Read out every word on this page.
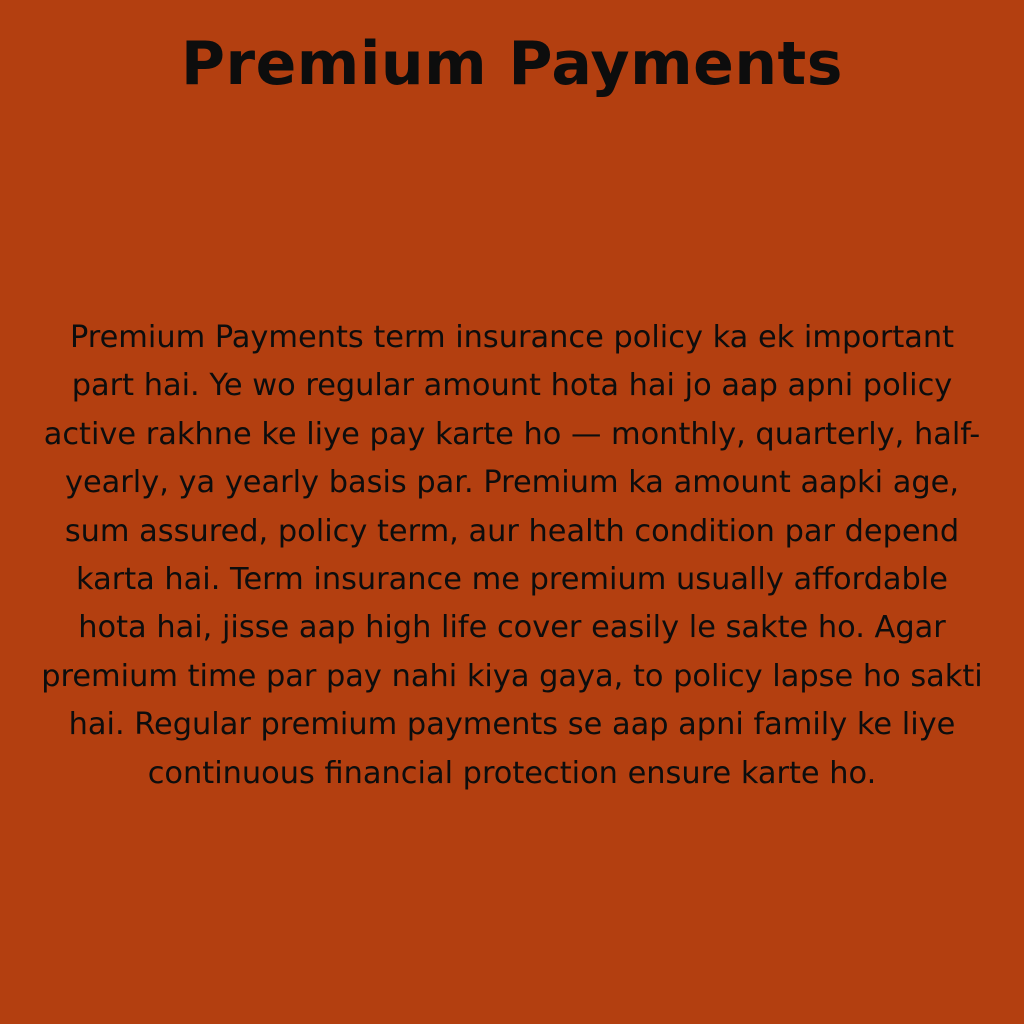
Premium Payments

Premium Payments term insurance policy ka ek important part hai. Ye wo regular amount hota hai jo aap apni policy active rakhne ke liye pay karte ho — monthly, quarterly, half-yearly, ya yearly basis par. Premium ka amount aapki age, sum assured, policy term, aur health condition par depend karta hai. Term insurance me premium usually affordable hota hai, jisse aap high life cover easily le sakte ho. Agar premium time par pay nahi kiya gaya, to policy lapse ho sakti hai. Regular premium payments se aap apni family ke liye continuous financial protection ensure karte ho.
